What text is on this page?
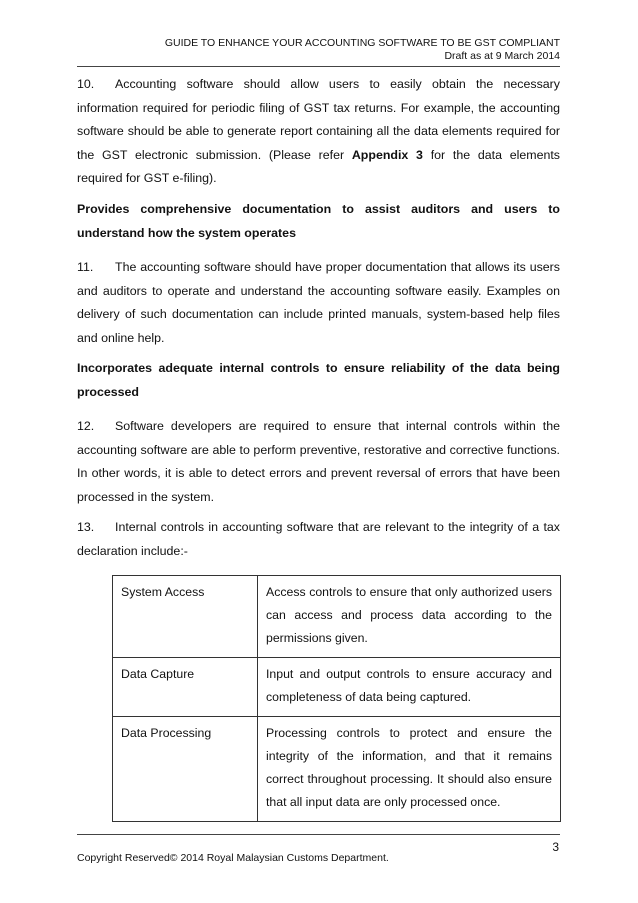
GUIDE TO ENHANCE YOUR ACCOUNTING SOFTWARE TO BE GST COMPLIANT
Draft as at 9 March 2014

10. Accounting software should allow users to easily obtain the necessary information required for periodic filing of GST tax returns. For example, the accounting software should be able to generate report containing all the data elements required for the GST electronic submission. (Please refer Appendix 3 for the data elements required for GST e-filing).

Provides comprehensive documentation to assist auditors and users to understand how the system operates

11. The accounting software should have proper documentation that allows its users and auditors to operate and understand the accounting software easily. Examples on delivery of such documentation can include printed manuals, system-based help files and online help.

Incorporates adequate internal controls to ensure reliability of the data being processed

12. Software developers are required to ensure that internal controls within the accounting software are able to perform preventive, restorative and corrective functions. In other words, it is able to detect errors and prevent reversal of errors that have been processed in the system.

13. Internal controls in accounting software that are relevant to the integrity of a tax declaration include:-

System Access	Access controls to ensure that only authorized users can access and process data according to the permissions given.
Data Capture	Input and output controls to ensure accuracy and completeness of data being captured.
Data Processing	Processing controls to protect and ensure the integrity of the information, and that it remains correct throughout processing. It should also ensure that all input data are only processed once.
3
Copyright Reserved© 2014 Royal Malaysian Customs Department.
